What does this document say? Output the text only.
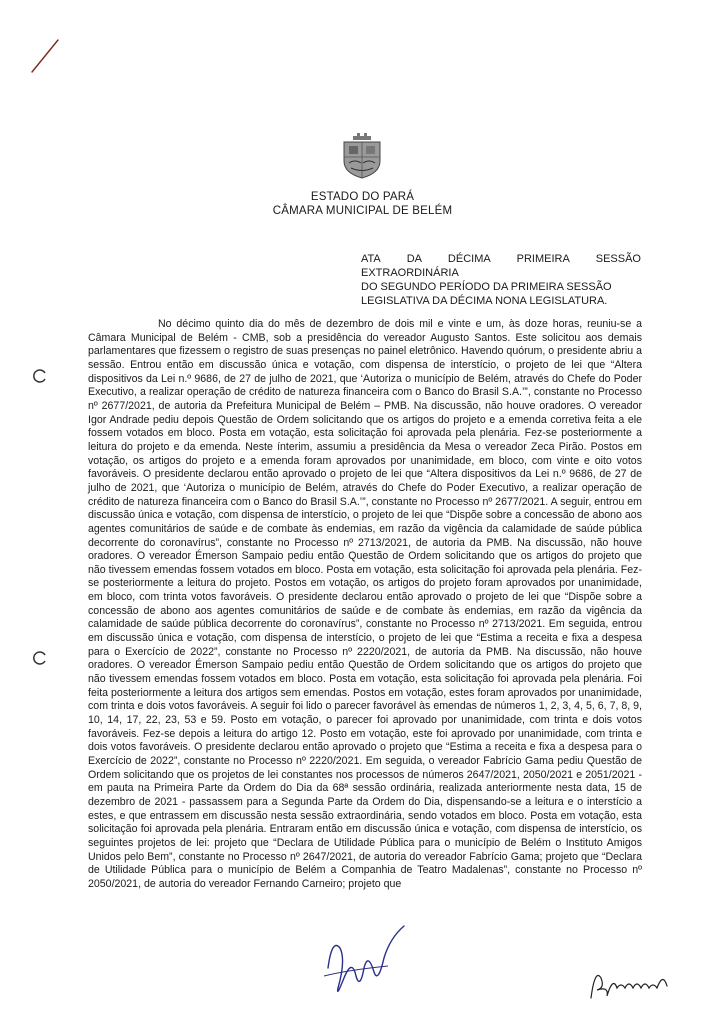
ESTADO DO PARÁ
CÂMARA MUNICIPAL DE BELÉM
ATA DA DÉCIMA PRIMEIRA SESSÃO EXTRAORDINÁRIA
DO SEGUNDO PERÍODO DA PRIMEIRA SESSÃO
LEGISLATIVA DA DÉCIMA NONA LEGISLATURA.
No décimo quinto dia do mês de dezembro de dois mil e vinte e um, às doze horas, reuniu-se a Câmara Municipal de Belém - CMB, sob a presidência do vereador Augusto Santos. Este solicitou aos demais parlamentares que fizessem o registro de suas presenças no painel eletrônico. Havendo quórum, o presidente abriu a sessão. Entrou então em discussão única e votação, com dispensa de interstício, o projeto de lei que “Altera dispositivos da Lei n.º 9686, de 27 de julho de 2021, que ‘Autoriza o município de Belém, através do Chefe do Poder Executivo, a realizar operação de crédito de natureza financeira com o Banco do Brasil S.A.’”, constante no Processo nº 2677/2021, de autoria da Prefeitura Municipal de Belém – PMB. Na discussão, não houve oradores. O vereador Igor Andrade pediu depois Questão de Ordem solicitando que os artigos do projeto e a emenda corretiva feita a ele fossem votados em bloco. Posta em votação, esta solicitação foi aprovada pela plenária. Fez-se posteriormente a leitura do projeto e da emenda. Neste ínterim, assumiu a presidência da Mesa o vereador Zeca Pirão. Postos em votação, os artigos do projeto e a emenda foram aprovados por unanimidade, em bloco, com vinte e oito votos favoráveis. O presidente declarou então aprovado o projeto de lei que “Altera dispositivos da Lei n.º 9686, de 27 de julho de 2021, que ‘Autoriza o município de Belém, através do Chefe do Poder Executivo, a realizar operação de crédito de natureza financeira com o Banco do Brasil S.A.’”, constante no Processo nº 2677/2021. A seguir, entrou em discussão única e votação, com dispensa de interstício, o projeto de lei que “Dispõe sobre a concessão de abono aos agentes comunitários de saúde e de combate às endemias, em razão da vigência da calamidade de saúde pública decorrente do coronavírus”, constante no Processo nº 2713/2021, de autoria da PMB. Na discussão, não houve oradores. O vereador Émerson Sampaio pediu então Questão de Ordem solicitando que os artigos do projeto que não tivessem emendas fossem votados em bloco. Posta em votação, esta solicitação foi aprovada pela plenária. Fez-se posteriormente a leitura do projeto. Postos em votação, os artigos do projeto foram aprovados por unanimidade, em bloco, com trinta votos favoráveis. O presidente declarou então aprovado o projeto de lei que “Dispõe sobre a concessão de abono aos agentes comunitários de saúde e de combate às endemias, em razão da vigência da calamidade de saúde pública decorrente do coronavírus”, constante no Processo nº 2713/2021. Em seguida, entrou em discussão única e votação, com dispensa de interstício, o projeto de lei que “Estima a receita e fixa a despesa para o Exercício de 2022”, constante no Processo nº 2220/2021, de autoria da PMB. Na discussão, não houve oradores. O vereador Émerson Sampaio pediu então Questão de Ordem solicitando que os artigos do projeto que não tivessem emendas fossem votados em bloco. Posta em votação, esta solicitação foi aprovada pela plenária. Foi feita posteriormente a leitura dos artigos sem emendas. Postos em votação, estes foram aprovados por unanimidade, com trinta e dois votos favoráveis. A seguir foi lido o parecer favorável às emendas de números 1, 2, 3, 4, 5, 6, 7, 8, 9, 10, 14, 17, 22, 23, 53 e 59. Posto em votação, o parecer foi aprovado por unanimidade, com trinta e dois votos favoráveis. Fez-se depois a leitura do artigo 12. Posto em votação, este foi aprovado por unanimidade, com trinta e dois votos favoráveis. O presidente declarou então aprovado o projeto que “Estima a receita e fixa a despesa para o Exercício de 2022”, constante no Processo nº 2220/2021. Em seguida, o vereador Fabrício Gama pediu Questão de Ordem solicitando que os projetos de lei constantes nos processos de números 2647/2021, 2050/2021 e 2051/2021 - em pauta na Primeira Parte da Ordem do Dia da 68ª sessão ordinária, realizada anteriormente nesta data, 15 de dezembro de 2021 - passassem para a Segunda Parte da Ordem do Dia, dispensando-se a leitura e o interstício a estes, e que entrassem em discussão nesta sessão extraordinária, sendo votados em bloco. Posta em votação, esta solicitação foi aprovada pela plenária. Entraram então em discussão única e votação, com dispensa de interstício, os seguintes projetos de lei: projeto que “Declara de Utilidade Pública para o município de Belém o Instituto Amigos Unidos pelo Bem”, constante no Processo nº 2647/2021, de autoria do vereador Fabrício Gama; projeto que “Declara de Utilidade Pública para o município de Belém a Companhia de Teatro Madalenas”, constante no Processo nº 2050/2021, de autoria do vereador Fernando Carneiro; projeto que
